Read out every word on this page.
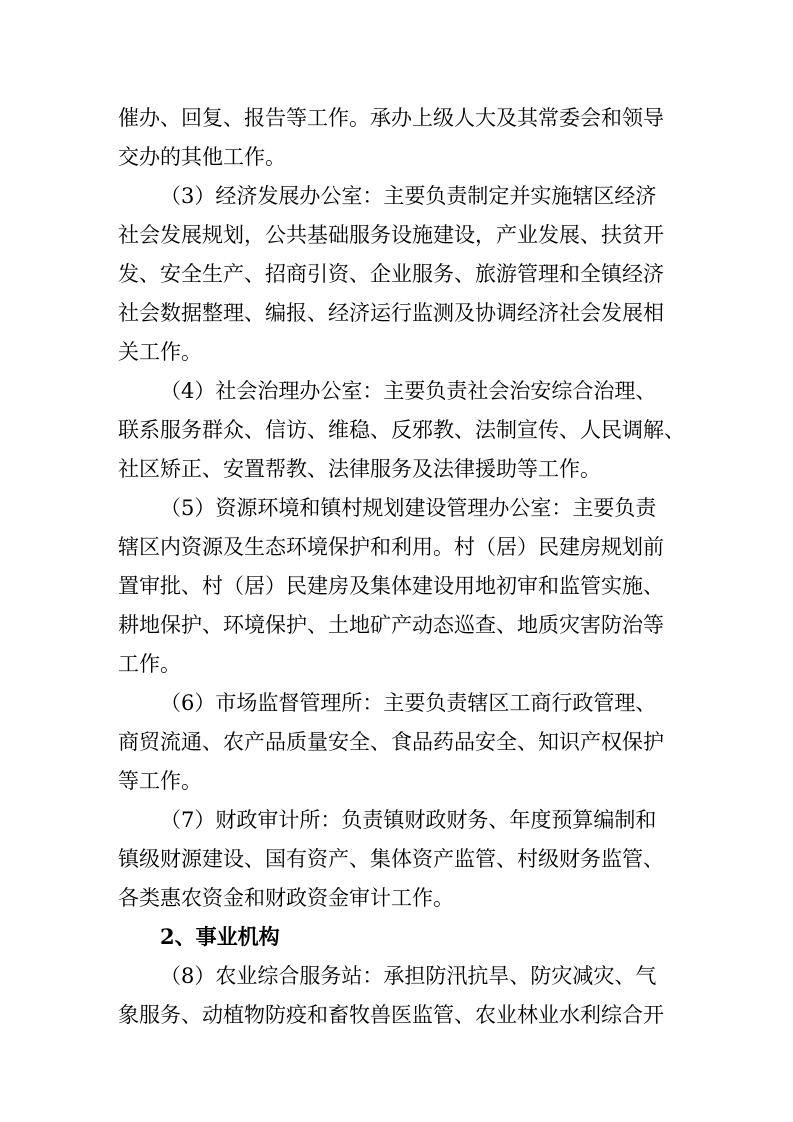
催办、回复、报告等工作。承办上级人大及其常委会和领导
交办的其他工作。
（3）经济发展办公室：主要负责制定并实施辖区经济
社会发展规划，公共基础服务设施建设，产业发展、扶贫开
发、安全生产、招商引资、企业服务、旅游管理和全镇经济
社会数据整理、编报、经济运行监测及协调经济社会发展相
关工作。
（4）社会治理办公室：主要负责社会治安综合治理、
联系服务群众、信访、维稳、反邪教、法制宣传、人民调解、
社区矫正、安置帮教、法律服务及法律援助等工作。
（5）资源环境和镇村规划建设管理办公室：主要负责
辖区内资源及生态环境保护和利用。村（居）民建房规划前
置审批、村（居）民建房及集体建设用地初审和监管实施、
耕地保护、环境保护、土地矿产动态巡查、地质灾害防治等
工作。
（6）市场监督管理所：主要负责辖区工商行政管理、
商贸流通、农产品质量安全、食品药品安全、知识产权保护
等工作。
（7）财政审计所：负责镇财政财务、年度预算编制和
镇级财源建设、国有资产、集体资产监管、村级财务监管、
各类惠农资金和财政资金审计工作。
2、事业机构
（8）农业综合服务站：承担防汛抗旱、防灾减灾、气
象服务、动植物防疫和畜牧兽医监管、农业林业水利综合开
